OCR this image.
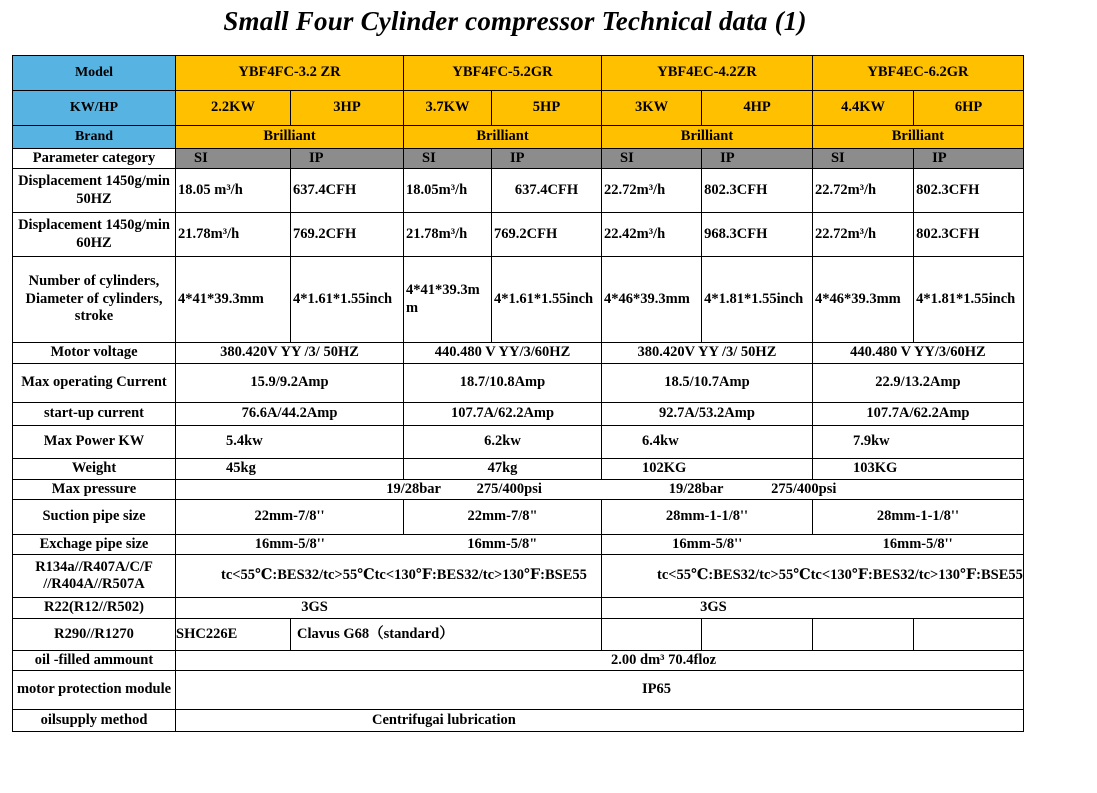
Small Four Cylinder compressor Technical data (1)
Model	YBF4FC-3.2 ZR		YBF4FC-5.2GR		YBF4EC-4.2ZR		YBF4EC-6.2GR	
KW/HP	2.2KW	3HP	3.7KW	5HP	3KW	4HP	4.4KW	6HP
Brand	Brilliant		Brilliant		Brilliant		Brilliant	
Parameter category	SI	IP	SI	IP	SI	IP	SI	IP
Displacement 1450g/min 50HZ	18.05 m³/h	637.4CFH	18.05m³/h	637.4CFH	22.72m³/h	802.3CFH	22.72m³/h	802.3CFH
Displacement 1450g/min 60HZ	21.78m³/h	769.2CFH	21.78m³/h	769.2CFH	22.42m³/h	968.3CFH	22.72m³/h	802.3CFH
Number of cylinders, Diameter of cylinders, stroke	4*41*39.3mm	4*1.61*1.55inch	4*41*39.3mm	4*1.61*1.55inch	4*46*39.3mm	4*1.81*1.55inch	4*46*39.3mm	4*1.81*1.55inch
Motor voltage	380.420V YY /3/ 50HZ		440.480 V YY/3/60HZ		380.420V YY /3/ 50HZ		440.480 V YY/3/60HZ	
Max operating Current	15.9/9.2Amp		18.7/10.8Amp		18.5/10.7Amp		22.9/13.2Amp	
start-up current	76.6A/44.2Amp		107.7A/62.2Amp		92.7A/53.2Amp		107.7A/62.2Amp	
Max Power KW	5.4kw		6.2kw		6.4kw		7.9kw	
Weight	45kg		47kg		102KG		103KG	
Max pressure	19/28bar 275/400psi				19/28bar 275/400psi			
Suction pipe size	22mm-7/8''		22mm-7/8"		28mm-1-1/8''		28mm-1-1/8''	
Exchage pipe size	16mm-5/8''		16mm-5/8"		16mm-5/8''		16mm-5/8''	
R134a//R407A/C/F //R404A//R507A	tc<55℃:BES32/tc>55℃tc<130℉:BES32/tc>130℉:BSE55				tc<55℃:BES32/tc>55℃tc<130℉:BES32/tc>130℉:BSE55			

R22(R12//R502)	3GS				3GS			
R290//R1270	SHC226E	Clavus G68（standard）						
oil -filled ammount	2.00 dm³ 70.4floz							
motor protection module	IP65							
oilsupply method	Centrifugai lubrication							
